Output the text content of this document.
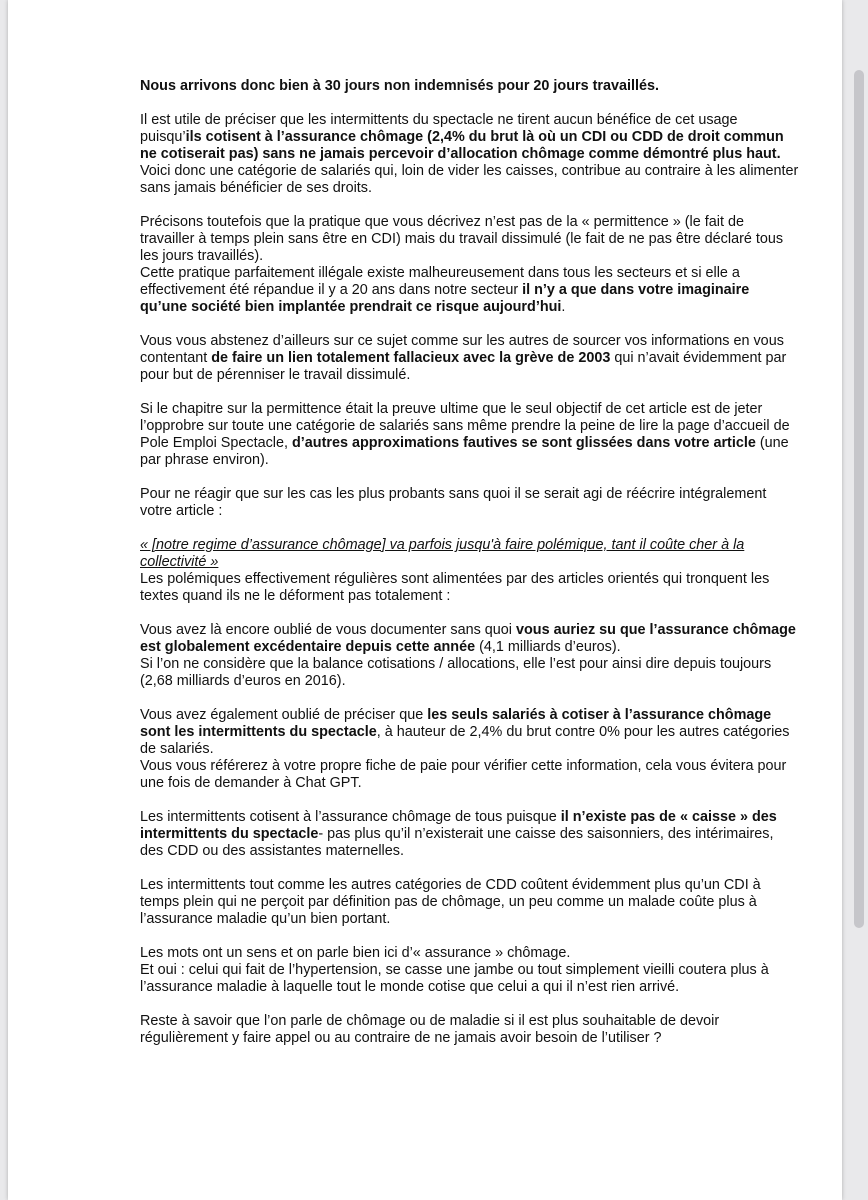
Nous arrivons donc bien à 30 jours non indemnisés pour 20 jours travaillés.

Il est utile de préciser que les intermittents du spectacle ne tirent aucun bénéfice de cet usage puisqu’ils cotisent à l’assurance chômage (2,4% du brut là où un CDI ou CDD de droit commun ne cotiserait pas) sans ne jamais percevoir d’allocation chômage comme démontré plus haut.

Voici donc une catégorie de salariés qui, loin de vider les caisses, contribue au contraire à les alimenter sans jamais bénéficier de ses droits.

Précisons toutefois que la pratique que vous décrivez n’est pas de la « permittence » (le fait de travailler à temps plein sans être en CDI) mais du travail dissimulé (le fait de ne pas être déclaré tous les jours travaillés).

Cette pratique parfaitement illégale existe malheureusement dans tous les secteurs et si elle a effectivement été répandue il y a 20 ans dans notre secteur il n’y a que dans votre imaginaire qu’une société bien implantée prendrait ce risque aujourd’hui.

Vous vous abstenez d’ailleurs sur ce sujet comme sur les autres de sourcer vos informations en vous contentant de faire un lien totalement fallacieux avec la grève de 2003 qui n’avait évidemment par pour but de pérenniser le travail dissimulé.

Si le chapitre sur la permittence était la preuve ultime que le seul objectif de cet article est de jeter l’opprobre sur toute une catégorie de salariés sans même prendre la peine de lire la page d’accueil de Pole Emploi Spectacle, d’autres approximations fautives se sont glissées dans votre article (une par phrase environ).

Pour ne réagir que sur les cas les plus probants sans quoi il se serait agi de réécrire intégralement votre article :

« [notre regime d’assurance chômage] va parfois jusqu'à faire polémique, tant il coûte cher à la collectivité »

Les polémiques effectivement régulières sont alimentées par des articles orientés qui tronquent les textes quand ils ne le déforment pas totalement :

Vous avez là encore oublié de vous documenter sans quoi vous auriez su que l’assurance chômage est globalement excédentaire depuis cette année (4,1 milliards d’euros).

Si l’on ne considère que la balance cotisations / allocations, elle l’est pour ainsi dire depuis toujours (2,68 milliards d’euros en 2016).

Vous avez également oublié de préciser que les seuls salariés à cotiser à l’assurance chômage sont les intermittents du spectacle, à hauteur de 2,4% du brut contre 0% pour les autres catégories de salariés.

Vous vous référerez à votre propre fiche de paie pour vérifier cette information, cela vous évitera pour une fois de demander à Chat GPT.

Les intermittents cotisent à l’assurance chômage de tous puisque il n’existe pas de « caisse » des intermittents du spectacle- pas plus qu’il n’existerait une caisse des saisonniers, des intérimaires, des CDD ou des assistantes maternelles.

Les intermittents tout comme les autres catégories de CDD coûtent évidemment plus qu’un CDI à temps plein qui ne perçoit par définition pas de chômage, un peu comme un malade coûte plus à l’assurance maladie qu’un bien portant.

Les mots ont un sens et on parle bien ici d’« assurance » chômage.

Et oui : celui qui fait de l’hypertension, se casse une jambe ou tout simplement vieilli coutera plus à l’assurance maladie à laquelle tout le monde cotise que celui a qui il n’est rien arrivé.

Reste à savoir que l’on parle de chômage ou de maladie si il est plus souhaitable de devoir régulièrement y faire appel ou au contraire de ne jamais avoir besoin de l’utiliser ?
